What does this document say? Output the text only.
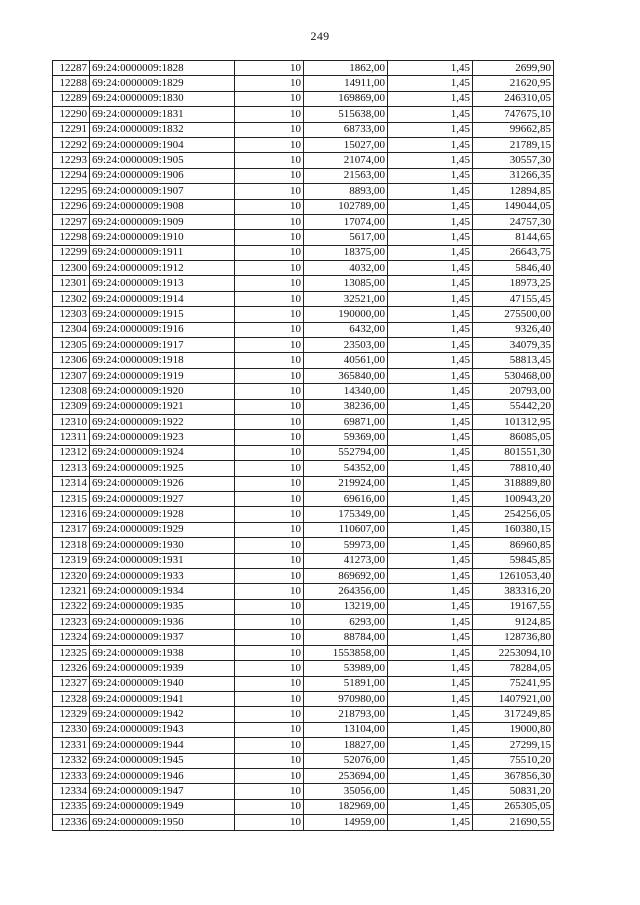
249
12287	69:24:0000009:1828	10	1862,00	1,45	2699,90
12288	69:24:0000009:1829	10	14911,00	1,45	21620,95
12289	69:24:0000009:1830	10	169869,00	1,45	246310,05
12290	69:24:0000009:1831	10	515638,00	1,45	747675,10
12291	69:24:0000009:1832	10	68733,00	1,45	99662,85
12292	69:24:0000009:1904	10	15027,00	1,45	21789,15
12293	69:24:0000009:1905	10	21074,00	1,45	30557,30
12294	69:24:0000009:1906	10	21563,00	1,45	31266,35
12295	69:24:0000009:1907	10	8893,00	1,45	12894,85
12296	69:24:0000009:1908	10	102789,00	1,45	149044,05
12297	69:24:0000009:1909	10	17074,00	1,45	24757,30
12298	69:24:0000009:1910	10	5617,00	1,45	8144,65
12299	69:24:0000009:1911	10	18375,00	1,45	26643,75
12300	69:24:0000009:1912	10	4032,00	1,45	5846,40
12301	69:24:0000009:1913	10	13085,00	1,45	18973,25
12302	69:24:0000009:1914	10	32521,00	1,45	47155,45
12303	69:24:0000009:1915	10	190000,00	1,45	275500,00
12304	69:24:0000009:1916	10	6432,00	1,45	9326,40
12305	69:24:0000009:1917	10	23503,00	1,45	34079,35
12306	69:24:0000009:1918	10	40561,00	1,45	58813,45
12307	69:24:0000009:1919	10	365840,00	1,45	530468,00
12308	69:24:0000009:1920	10	14340,00	1,45	20793,00
12309	69:24:0000009:1921	10	38236,00	1,45	55442,20
12310	69:24:0000009:1922	10	69871,00	1,45	101312,95
12311	69:24:0000009:1923	10	59369,00	1,45	86085,05
12312	69:24:0000009:1924	10	552794,00	1,45	801551,30
12313	69:24:0000009:1925	10	54352,00	1,45	78810,40
12314	69:24:0000009:1926	10	219924,00	1,45	318889,80
12315	69:24:0000009:1927	10	69616,00	1,45	100943,20
12316	69:24:0000009:1928	10	175349,00	1,45	254256,05
12317	69:24:0000009:1929	10	110607,00	1,45	160380,15
12318	69:24:0000009:1930	10	59973,00	1,45	86960,85
12319	69:24:0000009:1931	10	41273,00	1,45	59845,85
12320	69:24:0000009:1933	10	869692,00	1,45	1261053,40
12321	69:24:0000009:1934	10	264356,00	1,45	383316,20
12322	69:24:0000009:1935	10	13219,00	1,45	19167,55
12323	69:24:0000009:1936	10	6293,00	1,45	9124,85
12324	69:24:0000009:1937	10	88784,00	1,45	128736,80
12325	69:24:0000009:1938	10	1553858,00	1,45	2253094,10
12326	69:24:0000009:1939	10	53989,00	1,45	78284,05
12327	69:24:0000009:1940	10	51891,00	1,45	75241,95
12328	69:24:0000009:1941	10	970980,00	1,45	1407921,00
12329	69:24:0000009:1942	10	218793,00	1,45	317249,85
12330	69:24:0000009:1943	10	13104,00	1,45	19000,80
12331	69:24:0000009:1944	10	18827,00	1,45	27299,15
12332	69:24:0000009:1945	10	52076,00	1,45	75510,20
12333	69:24:0000009:1946	10	253694,00	1,45	367856,30
12334	69:24:0000009:1947	10	35056,00	1,45	50831,20
12335	69:24:0000009:1949	10	182969,00	1,45	265305,05
12336	69:24:0000009:1950	10	14959,00	1,45	21690,55
